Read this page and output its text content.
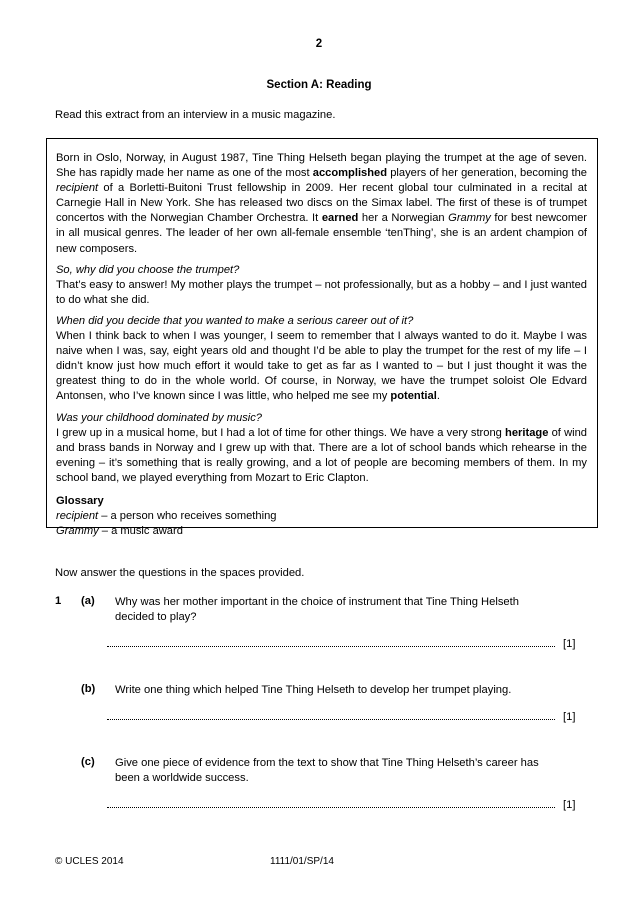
2
Section A: Reading
Read this extract from an interview in a music magazine.

Born in Oslo, Norway, in August 1987, Tine Thing Helseth began playing the trumpet at the age of seven. She has rapidly made her name as one of the most accomplished players of her generation, becoming the recipient of a Borletti-Buitoni Trust fellowship in 2009. Her recent global tour culminated in a recital at Carnegie Hall in New York. She has released two discs on the Simax label. The first of these is of trumpet concertos with the Norwegian Chamber Orchestra. It earned her a Norwegian Grammy for best newcomer in all musical genres. The leader of her own all-female ensemble ‘tenThing’, she is an ardent champion of new composers.

So, why did you choose the trumpet?
That’s easy to answer! My mother plays the trumpet – not professionally, but as a hobby – and I just wanted to do what she did.

When did you decide that you wanted to make a serious career out of it?
When I think back to when I was younger, I seem to remember that I always wanted to do it. Maybe I was naive when I was, say, eight years old and thought I’d be able to play the trumpet for the rest of my life – I didn’t know just how much effort it would take to get as far as I wanted to – but I just thought it was the greatest thing to do in the whole world. Of course, in Norway, we have the trumpet soloist Ole Edvard Antonsen, who I’ve known since I was little, who helped me see my potential.

Was your childhood dominated by music?
I grew up in a musical home, but I had a lot of time for other things. We have a very strong heritage of wind and brass bands in Norway and I grew up with that. There are a lot of school bands which rehearse in the evening – it’s something that is really growing, and a lot of people are becoming members of them. In my school band, we played everything from Mozart to Eric Clapton.

Glossary
recipient – a person who receives something
Grammy – a music award

Now answer the questions in the spaces provided.
1 (a) Why was her mother important in the choice of instrument that Tine Thing Helseth decided to play?
[1]
(b) Write one thing which helped Tine Thing Helseth to develop her trumpet playing.
[1]
(c) Give one piece of evidence from the text to show that Tine Thing Helseth’s career has been a worldwide success.
[1]
© UCLES 2014	1111/01/SP/14
